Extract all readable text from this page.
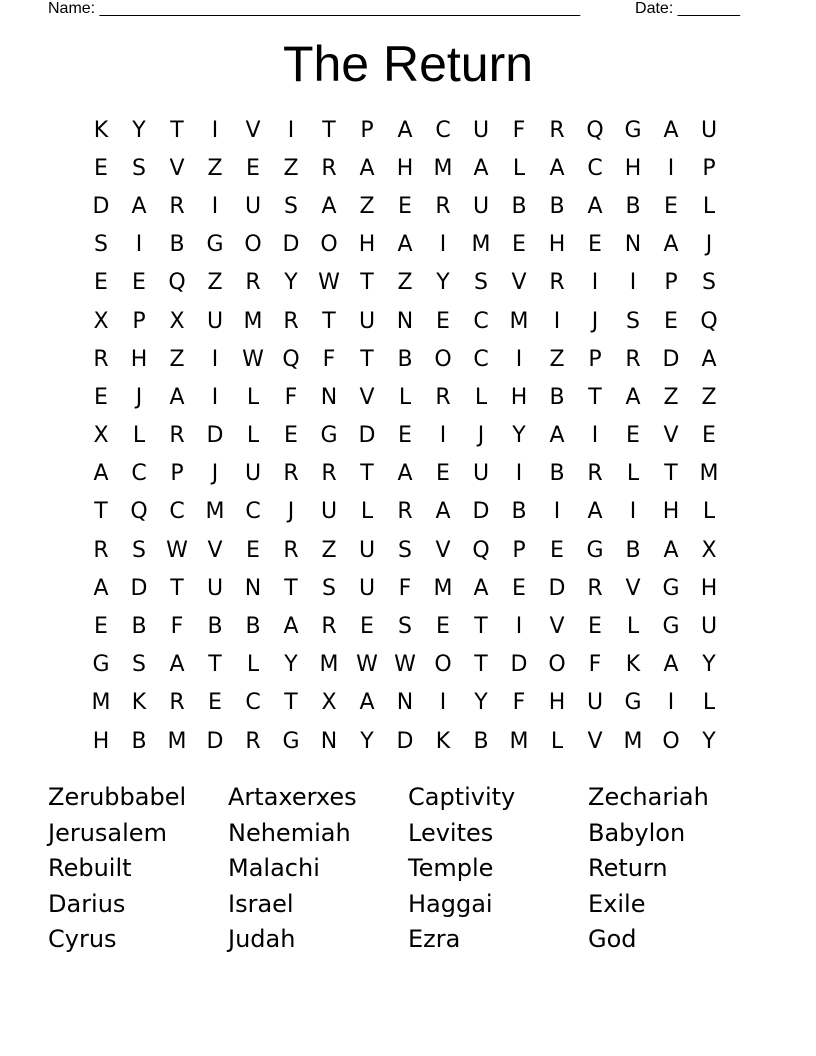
Name: ______________________________________________________	Date: _______
The Return
K	Y	T	I	V	I	T	P	A	C	U	F	R Q G A	U
E	S	V	Z	E	Z	R	A	H M A	L	A	C	H	I	P
D	A	R	I	U	S	A	Z	E	R	U	B	B	A	B	E	L
S	I	B G O D O H	A	I	M E	H	E	N	A	J
E	E	Q Z	R	Y W T	Z	Y	S	V	R	I	I	P	S
X	P	X	U M R	T	U N	E	C M	I	J	S	E	Q
R	H	Z	I	W Q	F	T	B O C	I	Z	P	R D	A
E	J	A	I	L	F	N	V	L	R	L	H	B	T	A	Z	Z
X	L	R D	L	E	G D	E	I	J	Y	A	I	E	V	E
A	C	P	J	U	R	R	T	A	E	U	I	B	R	L	T M
T	Q C M C	J	U	L	R	A D B	I	A	I	H	L
R	S W V	E	R	Z	U	S	V Q	P	E	G B	A	X
A D	T	U N	T	S	U	F	M A	E	D R	V G H
E	B	F	B	B	A	R	E	S	E	T	I	V	E	L	G U
G	S	A	T	L	Y M W W O	T	D O	F	K	A	Y
M K	R	E	C	T	X	A	N	I	Y	F	H U G	I	L
H	B M D R G N	Y	D	K	B M	L	V M O	Y
Zerubbabel	Artaxerxes	Captivity	Zechariah
Jerusalem	Nehemiah	Levites	Babylon
Rebuilt	Malachi	Temple	Return
Darius	Israel	Haggai	Exile
Cyrus	Judah	Ezra	God
